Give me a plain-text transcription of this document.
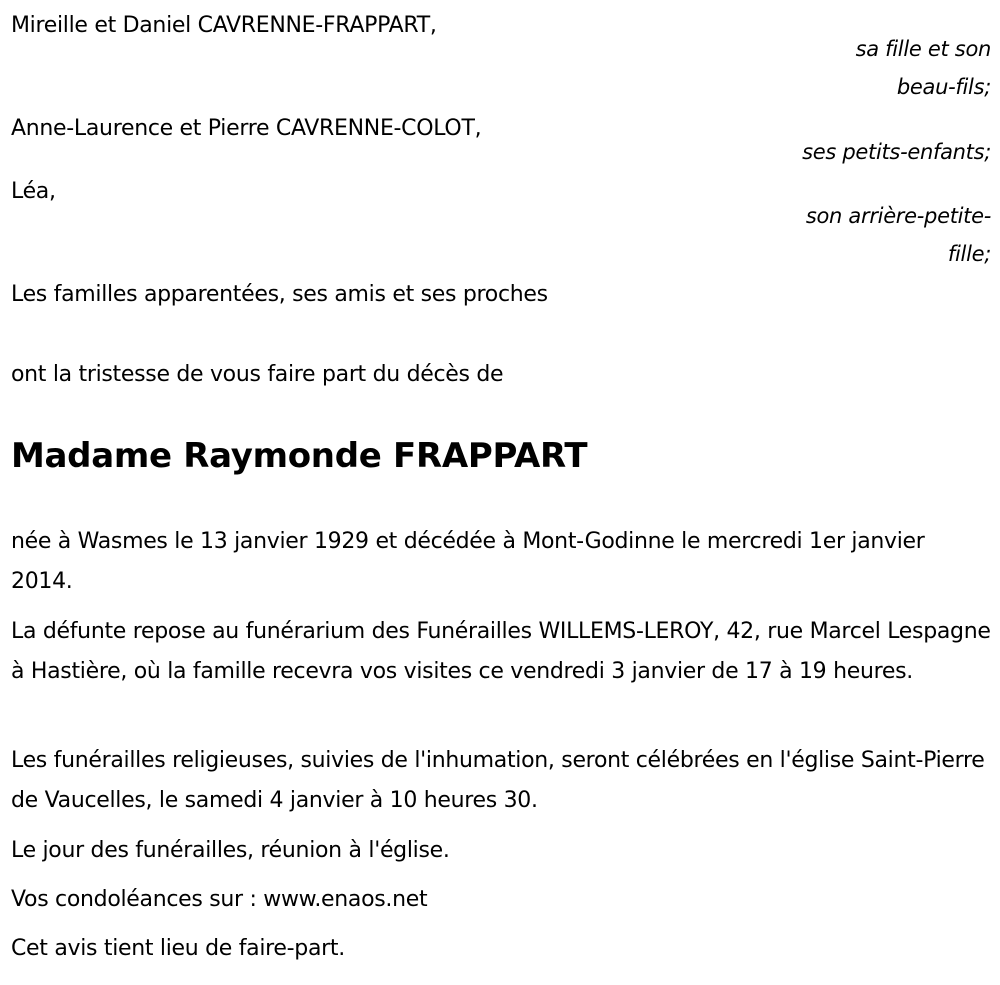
Mireille et Daniel CAVRENNE-FRAPPART,
sa fille et son
beau-fils;
Anne-Laurence et Pierre CAVRENNE-COLOT,
ses petits-enfants;
Léa,
son arrière-petite-
fille;
Les familles apparentées, ses amis et ses proches
ont la tristesse de vous faire part du décès de
Madame Raymonde FRAPPART
née à Wasmes le 13 janvier 1929 et décédée à Mont-Godinne le mercredi 1er janvier 2014.
La défunte repose au funérarium des Funérailles WILLEMS-LEROY, 42, rue Marcel Lespagne à Hastière, où la famille recevra vos visites ce vendredi 3 janvier de 17 à 19 heures.
Les funérailles religieuses, suivies de l'inhumation, seront célébrées en l'église Saint-Pierre de Vaucelles, le samedi 4 janvier à 10 heures 30.
Le jour des funérailles, réunion à l'église.
Vos condoléances sur : www.enaos.net
Cet avis tient lieu de faire-part.
